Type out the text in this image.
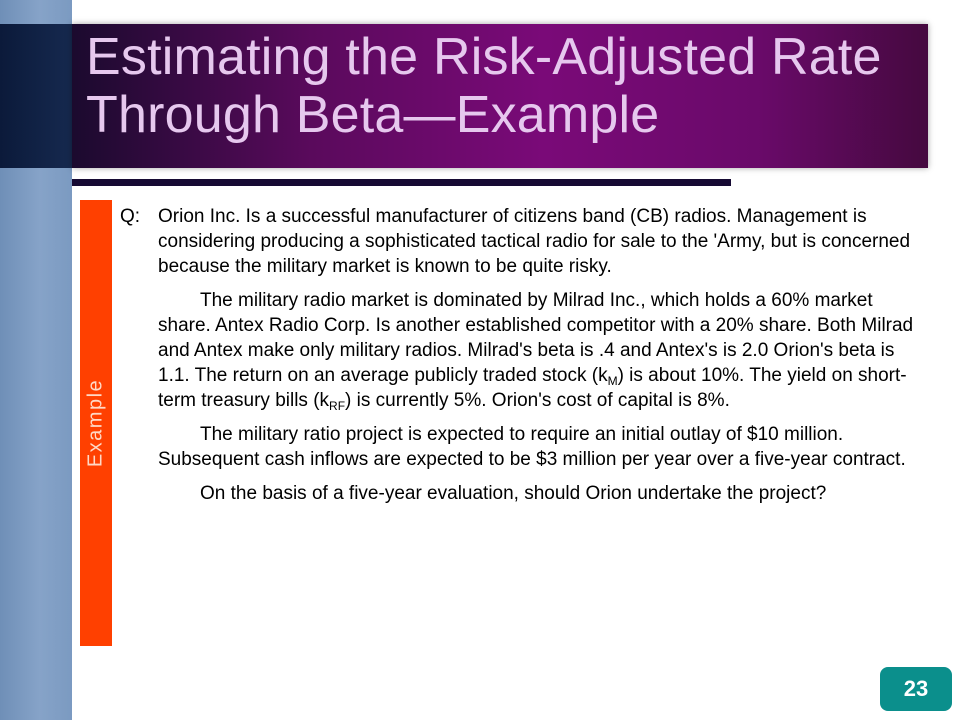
Estimating the Risk-Adjusted Rate Through Beta—Example
Example

Q: Orion Inc. Is a successful manufacturer of citizens band (CB) radios. Management is considering producing a sophisticated tactical radio for sale to the 'Army, but is concerned because the military market is known to be quite risky.

The military radio market is dominated by Milrad Inc., which holds a 60% market share. Antex Radio Corp. Is another established competitor with a 20% share. Both Milrad and Antex make only military radios. Milrad's beta is .4 and Antex's is 2.0 Orion's beta is 1.1. The return on an average publicly traded stock $(k_M)$ is about 10%. The yield on short-term treasury bills $(k_{RF})$ is currently 5%. Orion's cost of capital is 8%.

The military ratio project is expected to require an initial outlay of $10 million. Subsequent cash inflows are expected to be $3 million per year over a five-year contract.

On the basis of a five-year evaluation, should Orion undertake the project?

23
